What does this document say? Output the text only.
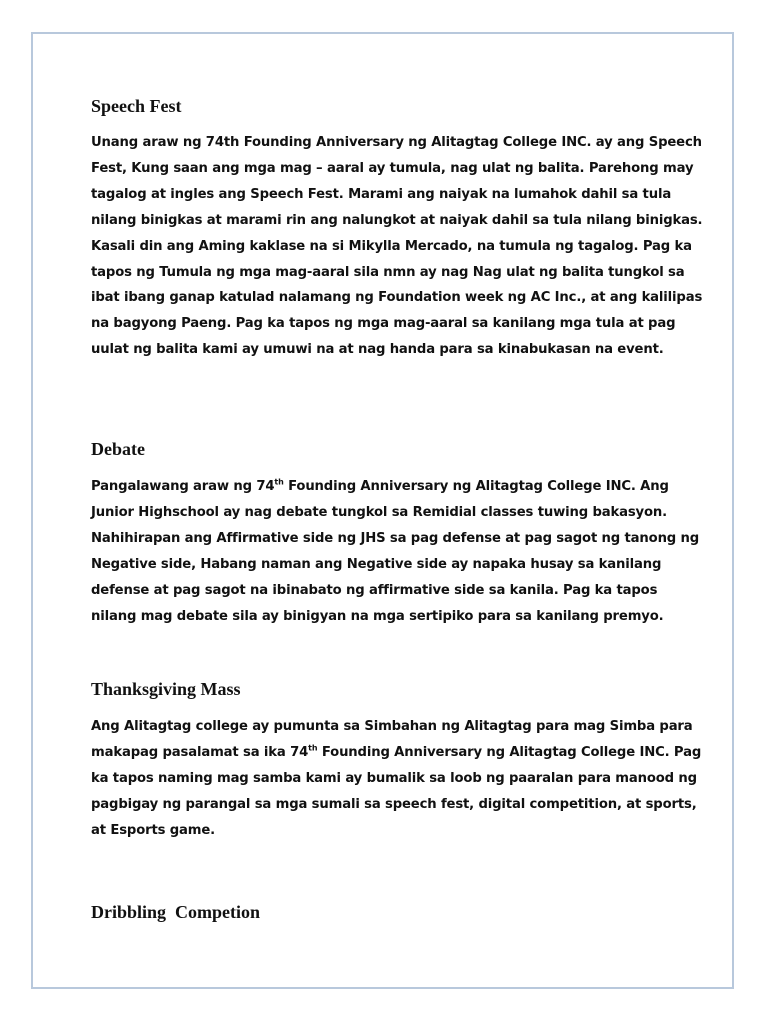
Speech Fest

Unang araw ng 74th Founding Anniversary ng Alitagtag College INC. ay ang Speech Fest, Kung saan ang mga mag – aaral ay tumula, nag ulat ng balita. Parehong may tagalog at ingles ang Speech Fest. Marami ang naiyak na lumahok dahil sa tula nilang binigkas at marami rin ang nalungkot at naiyak dahil sa tula nilang binigkas. Kasali din ang Aming kaklase na si Mikylla Mercado, na tumula ng tagalog. Pag ka tapos ng Tumula ng mga mag-aaral sila nmn ay nag Nag ulat ng balita tungkol sa ibat ibang ganap katulad nalamang ng Foundation week ng AC Inc., at ang kalilipas na bagyong Paeng. Pag ka tapos ng mga mag-aaral sa kanilang mga tula at pag uulat ng balita kami ay umuwi na at nag handa para sa kinabukasan na event.

Debate

Pangalawang araw ng 74th Founding Anniversary ng Alitagtag College INC. Ang Junior Highschool ay nag debate tungkol sa Remidial classes tuwing bakasyon. Nahihirapan ang Affirmative side ng JHS sa pag defense at pag sagot ng tanong ng Negative side, Habang naman ang Negative side ay napaka husay sa kanilang defense at pag sagot na ibinabato ng affirmative side sa kanila. Pag ka tapos nilang mag debate sila ay binigyan na mga sertipiko para sa kanilang premyo.

Thanksgiving Mass

Ang Alitagtag college ay pumunta sa Simbahan ng Alitagtag para mag Simba para makapag pasalamat sa ika 74th Founding Anniversary ng Alitagtag College INC. Pag ka tapos naming mag samba kami ay bumalik sa loob ng paaralan para manood ng pagbigay ng parangal sa mga sumali sa speech fest, digital competition, at sports, at Esports game.

Dribbling  Competion
